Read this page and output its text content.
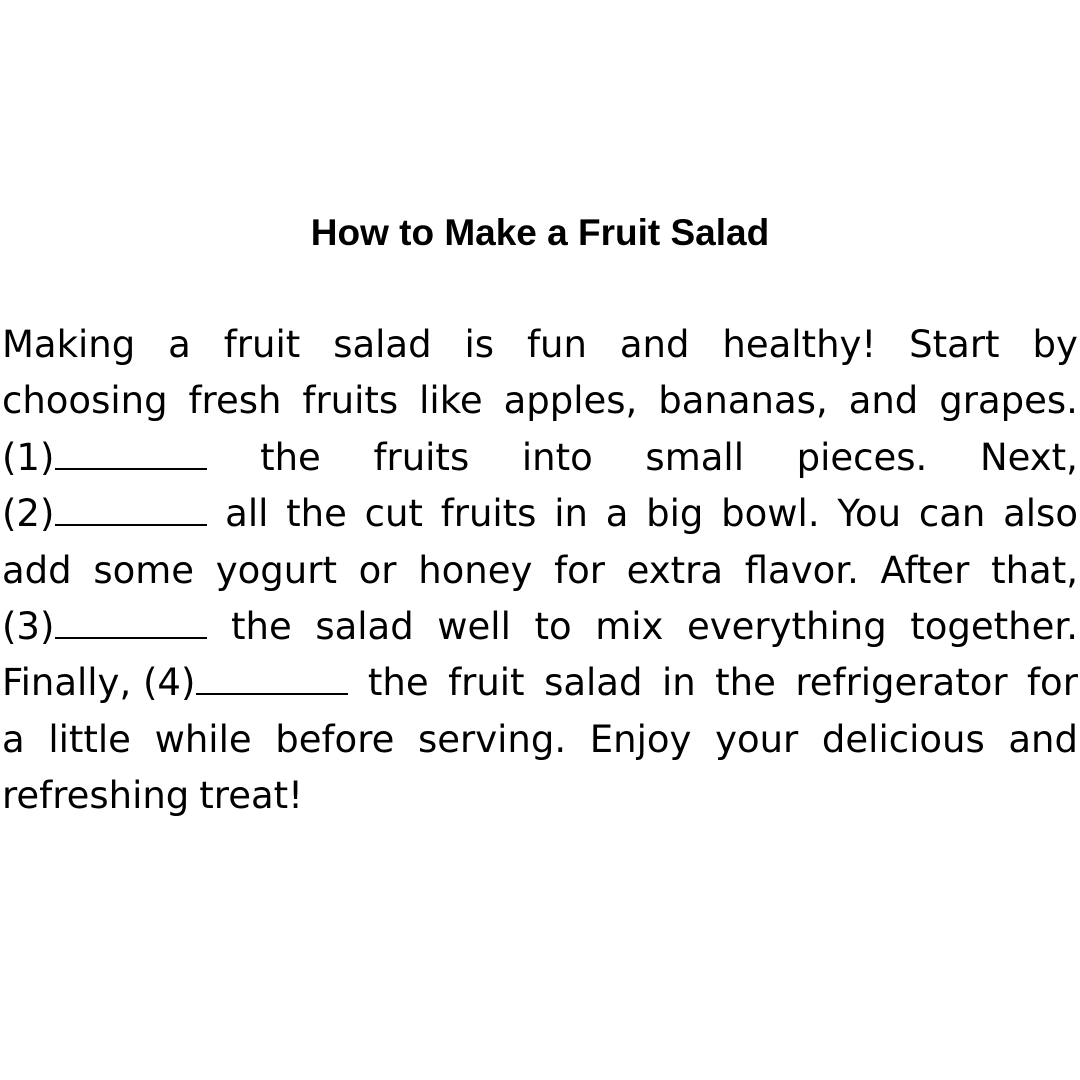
How to Make a Fruit Salad
Making a fruit salad is fun and healthy! Start by
choosing fresh fruits like apples, bananas, and grapes.
(1)	the fruits into small pieces. Next,
(2)	all the cut fruits in a big bowl. You can also
add some yogurt or honey for extra flavor. After that,
(3)	the salad well to mix everything together.
Finally, (4)	the fruit salad in the refrigerator for
a little while before serving. Enjoy your delicious and
refreshing treat!
